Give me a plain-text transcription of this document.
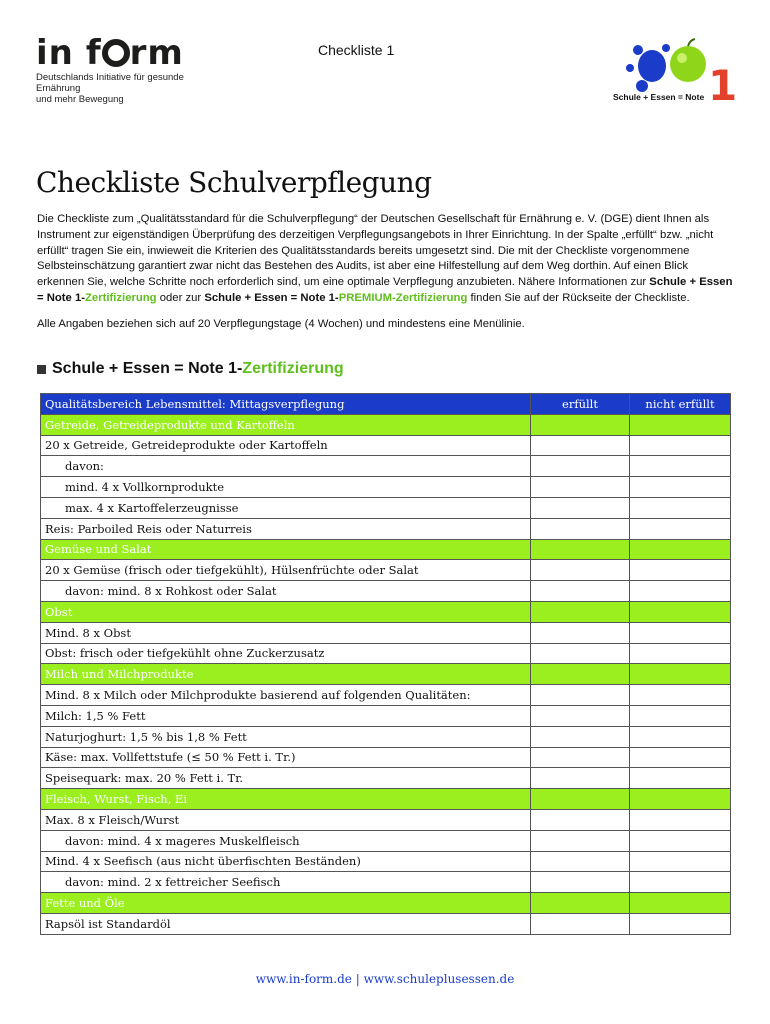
in f rm
Deutschlands Initiative für gesunde Ernährung
und mehr Bewegung
Checkliste 1
1
Schule + Essen = Note
Checkliste Schulverpflegung

Die Checkliste zum „Qualitätsstandard für die Schulverpflegung“ der Deutschen Gesellschaft für Ernährung e. V. (DGE) dient Ihnen als Instrument zur eigenständigen Überprüfung des derzeitigen Verpflegungsangebots in Ihrer Einrichtung. In der Spalte „erfüllt“ bzw. „nicht erfüllt“ tragen Sie ein, inwieweit die Kriterien des Qualitätsstandards bereits umgesetzt sind. Die mit der Checkliste vorgenommene Selbsteinschätzung garantiert zwar nicht das Bestehen des Audits, ist aber eine Hilfestellung auf dem Weg dorthin. Auf einen Blick erkennen Sie, welche Schritte noch erforderlich sind, um eine optimale Verpflegung anzubieten. Nähere Informationen zur Schule + Essen = Note 1-Zertifizierung oder zur Schule + Essen = Note 1-PREMIUM-Zertifizierung finden Sie auf der Rückseite der Checkliste.

Alle Angaben beziehen sich auf 20 Verpflegungstage (4 Wochen) und mindestens eine Menülinie.

Schule + Essen = Note 1-Zertifizierung
Qualitätsbereich Lebensmittel: Mittagsverpflegung	erfüllt	nicht erfüllt
Getreide, Getreideprodukte und Kartoffeln		
20 x Getreide, Getreideprodukte oder Kartoffeln		
davon:		
mind. 4 x Vollkornprodukte		
max. 4 x Kartoffelerzeugnisse		
Reis: Parboiled Reis oder Naturreis		
Gemüse und Salat		
20 x Gemüse (frisch oder tiefgekühlt), Hülsenfrüchte oder Salat		
davon: mind. 8 x Rohkost oder Salat		
Obst		
Mind. 8 x Obst		
Obst: frisch oder tiefgekühlt ohne Zuckerzusatz		
Milch und Milchprodukte		
Mind. 8 x Milch oder Milchprodukte basierend auf folgenden Qualitäten:		
Milch: 1,5 % Fett		
Naturjoghurt: 1,5 % bis 1,8 % Fett		
Käse: max. Vollfettstufe (≤ 50 % Fett i. Tr.)		
Speisequark: max. 20 % Fett i. Tr.		
Fleisch, Wurst, Fisch, Ei		
Max. 8 x Fleisch/Wurst		
davon: mind. 4 x mageres Muskelfleisch		
Mind. 4 x Seefisch (aus nicht überfischten Beständen)		
davon: mind. 2 x fettreicher Seefisch		
Fette und Öle		
Rapsöl ist Standardöl		
www.in-form.de | www.schuleplusessen.de
